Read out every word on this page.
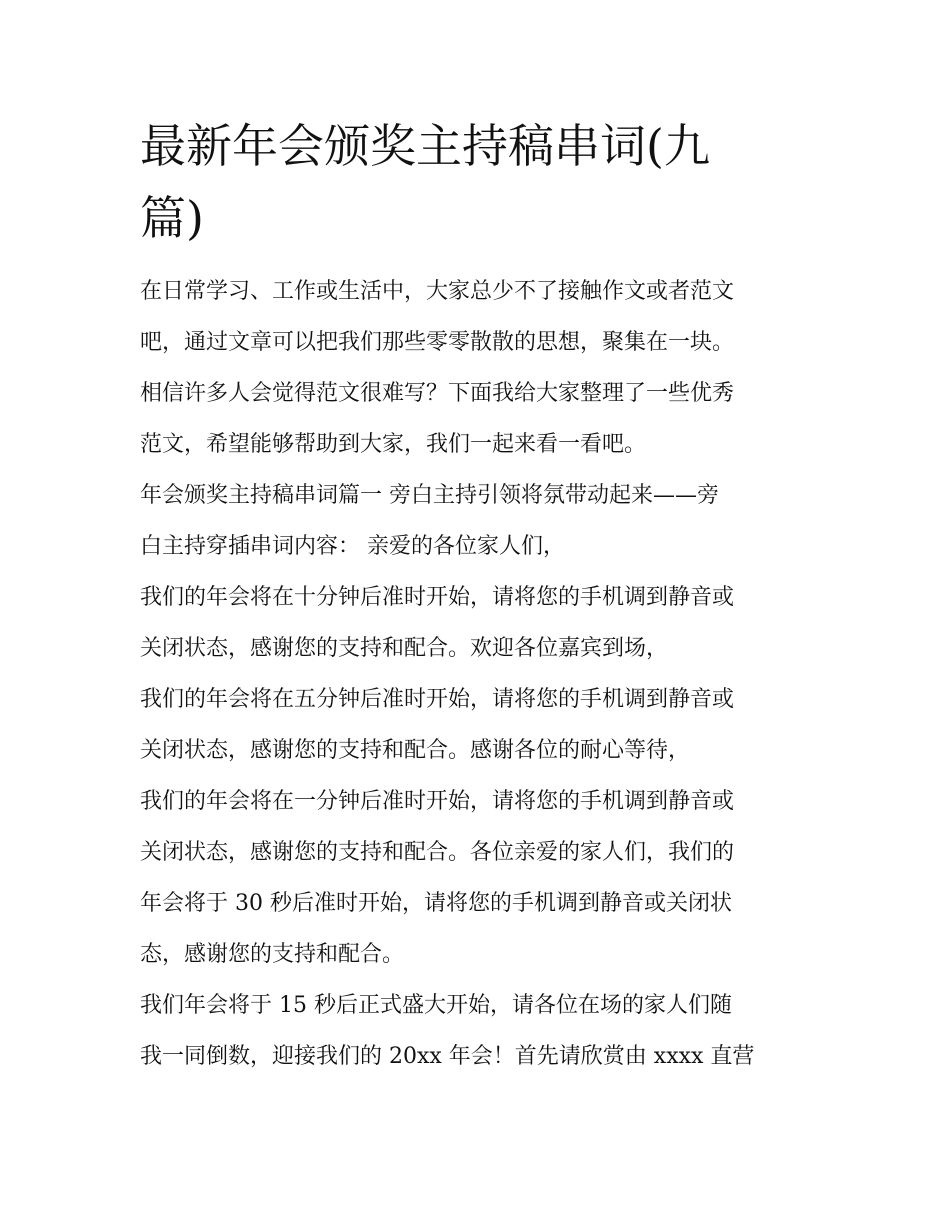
最新年会颁奖主持稿串词(九
篇)

在日常学习、工作或生活中，大家总少不了接触作文或者范文

吧，通过文章可以把我们那些零零散散的思想，聚集在一块。

相信许多人会觉得范文很难写？下面我给大家整理了一些优秀

范文，希望能够帮助到大家，我们一起来看一看吧。

年会颁奖主持稿串词篇一 旁白主持引领将氛带动起来——旁

白主持穿插串词内容： 亲爱的各位家人们，

我们的年会将在十分钟后准时开始，请将您的手机调到静音或

关闭状态，感谢您的支持和配合。欢迎各位嘉宾到场，

我们的年会将在五分钟后准时开始，请将您的手机调到静音或

关闭状态，感谢您的支持和配合。感谢各位的耐心等待，

我们的年会将在一分钟后准时开始，请将您的手机调到静音或

关闭状态，感谢您的支持和配合。各位亲爱的家人们，我们的

年会将于 30 秒后准时开始，请将您的手机调到静音或关闭状

态，感谢您的支持和配合。

我们年会将于 15 秒后正式盛大开始，请各位在场的家人们随

我一同倒数，迎接我们的 20xx 年会！首先请欣赏由 xxxx 直营
